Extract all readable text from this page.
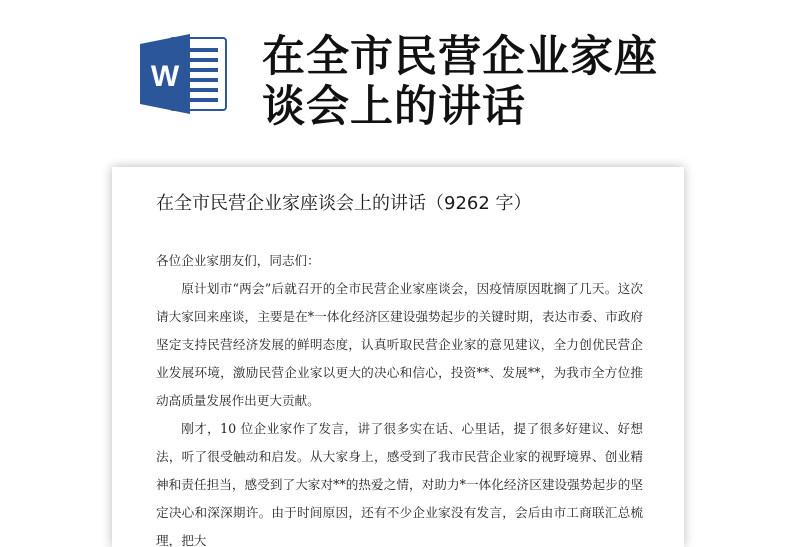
W 在全市民营企业家座
谈会上的讲话
在全市民营企业家座谈会上的讲话（9262 字）

各位企业家朋友们，同志们：

原计划市“两会”后就召开的全市民营企业家座谈会，因疫情原因耽搁了几天。这次请大家回来座谈，主要是在*一体化经济区建设强势起步的关键时期，表达市委、市政府坚定支持民营经济发展的鲜明态度，认真听取民营企业家的意见建议，全力创优民营企业发展环境，激励民营企业家以更大的决心和信心，投资**、发展**，为我市全方位推动高质量发展作出更大贡献。

刚才，10 位企业家作了发言，讲了很多实在话、心里话，提了很多好建议、好想法，听了很受触动和启发。从大家身上，感受到了我市民营企业家的视野境界、创业精神和责任担当，感受到了大家对**的热爱之情，对助力*一体化经济区建设强势起步的坚定决心和深深期许。由于时间原因，还有不少企业家没有发言，会后由市工商联汇总梳理，把大
